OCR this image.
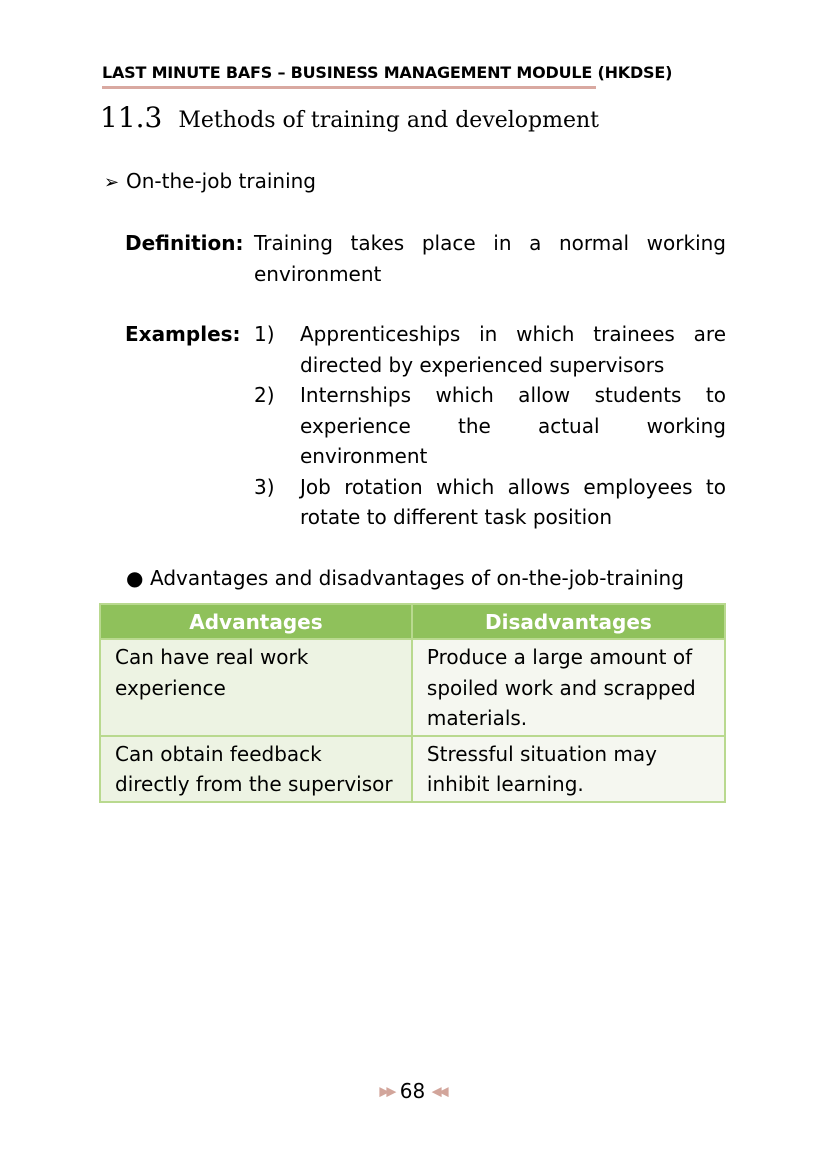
LAST MINUTE BAFS – BUSINESS MANAGEMENT MODULE (HKDSE)
11.3 Methods of training and development
➢ On-the-job training
Definition: Training takes place in a normal working environment
Examples: 1)	Apprenticeships in which trainees are directed by experienced supervisors
2)	Internships which allow students to experience the actual working environment
3)	Job rotation which allows employees to rotate to different task position
● Advantages and disadvantages of on-the-job-training
Advantages	Disadvantages
Can have real work experience	Produce a large amount of spoiled work and scrapped materials.
Can obtain feedback directly from the supervisor	Stressful situation may inhibit learning.
▶▶ 68 ◀◀
